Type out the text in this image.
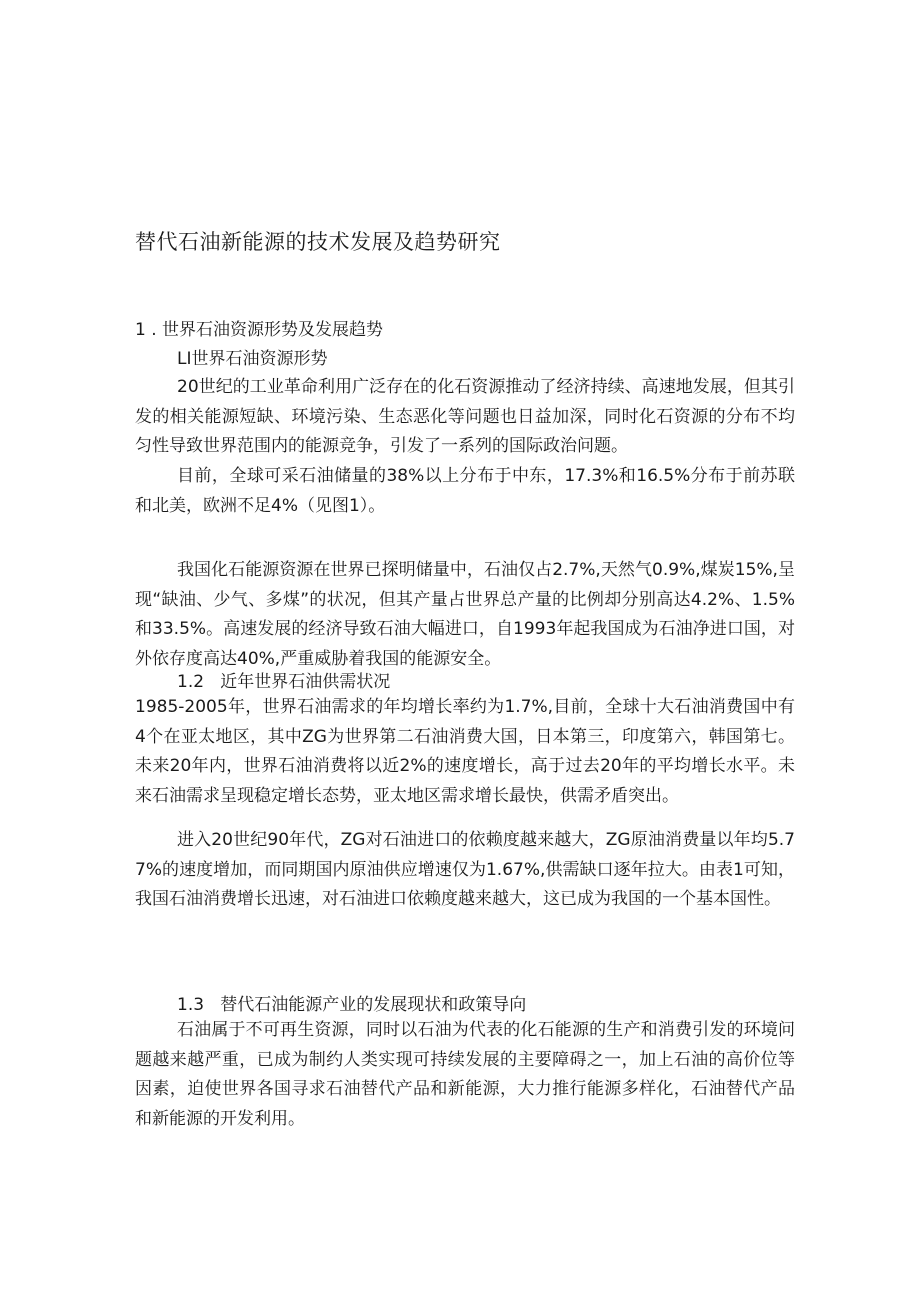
替代石油新能源的技术发展及趋势研究
1 . 世界石油资源形势及发展趋势
LI世界石油资源形势
20世纪的工业革命利用广泛存在的化石资源推动了经济持续、高速地发展，但其引发的相关能源短缺、环境污染、生态恶化等问题也日益加深，同时化石资源的分布不均匀性导致世界范围内的能源竞争，引发了一系列的国际政治问题。
目前，全球可采石油储量的38%以上分布于中东，17.3%和16.5%分布于前苏联和北美，欧洲不足4%（见图1）。
我国化石能源资源在世界已探明储量中，石油仅占2.7%,天然气0.9%,煤炭15%,呈现“缺油、少气、多煤”的状况，但其产量占世界总产量的比例却分别高达4.2%、1.5%和33.5%。高速发展的经济导致石油大幅进口，自1993年起我国成为石油净进口国，对外依存度高达40%,严重威胁着我国的能源安全。
1.2   近年世界石油供需状况
1985-2005年，世界石油需求的年均增长率约为1.7%,目前，全球十大石油消费国中有4个在亚太地区，其中ZG为世界第二石油消费大国，日本第三，印度第六，韩国第七。未来20年内，世界石油消费将以近2%的速度增长，高于过去20年的平均增长水平。未来石油需求呈现稳定增长态势，亚太地区需求增长最快，供需矛盾突出。
进入20世纪90年代，ZG对石油进口的依赖度越来越大，ZG原油消费量以年均5.77%的速度增加，而同期国内原油供应增速仅为1.67%,供需缺口逐年拉大。由表1可知，我国石油消费增长迅速，对石油进口依赖度越来越大，这已成为我国的一个基本国性。
1.3   替代石油能源产业的发展现状和政策导向
石油属于不可再生资源，同时以石油为代表的化石能源的生产和消费引发的环境问题越来越严重，已成为制约人类实现可持续发展的主要障碍之一，加上石油的高价位等因素，迫使世界各国寻求石油替代产品和新能源，大力推行能源多样化，石油替代产品和新能源的开发利用。
